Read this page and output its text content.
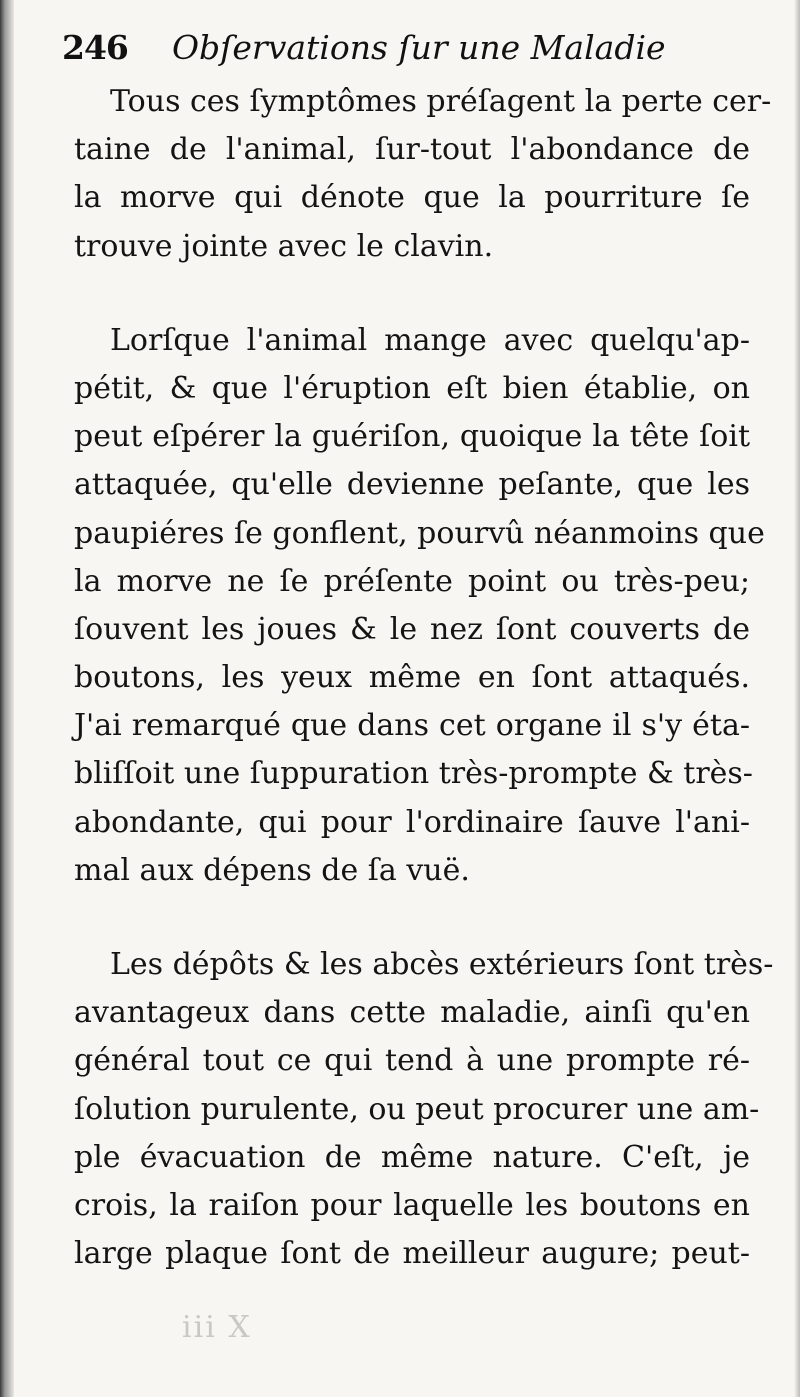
246 Obſervations ſur une Maladie
Tous ces ſymptômes préſagent la perte cer-
taine de l'animal, ſur-tout l'abondance de
la morve qui dénote que la pourriture ſe
trouve jointe avec le clavin.
Lorſque l'animal mange avec quelqu'ap-
pétit, & que l'éruption eſt bien établie, on
peut eſpérer la guériſon, quoique la tête ſoit
attaquée, qu'elle devienne peſante, que les
paupiéres ſe gonflent, pourvû néanmoins que
la morve ne ſe préſente point ou très-peu;
ſouvent les joues & le nez ſont couverts de
boutons, les yeux même en ſont attaqués.
J'ai remarqué que dans cet organe il s'y éta-
bliſſoit une ſuppuration très-prompte & très-
abondante, qui pour l'ordinaire ſauve l'ani-
mal aux dépens de ſa vuë.
Les dépôts & les abcès extérieurs ſont très-
avantageux dans cette maladie, ainſi qu'en
général tout ce qui tend à une prompte ré-
ſolution purulente, ou peut procurer une am-
ple évacuation de même nature. C'eſt, je
crois, la raiſon pour laquelle les boutons en
large plaque ſont de meilleur augure; peut-
iii X
